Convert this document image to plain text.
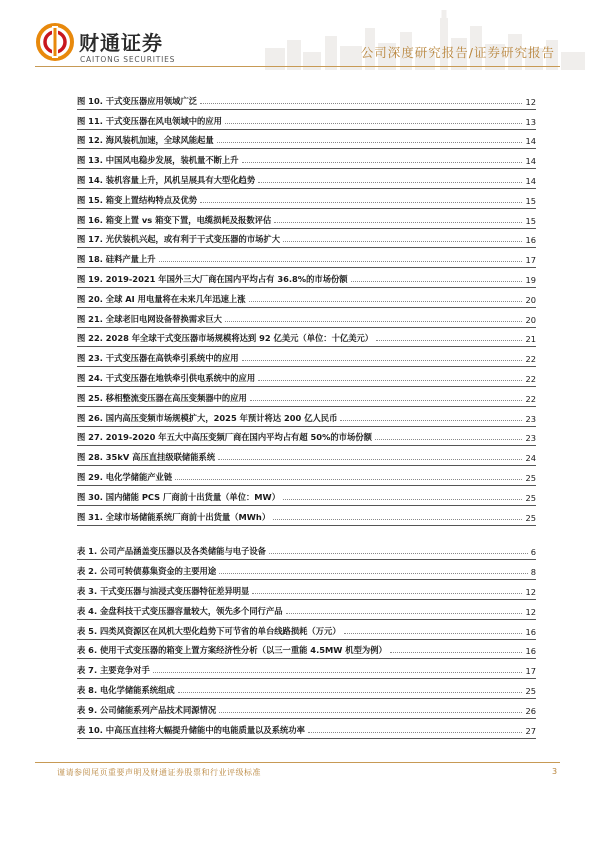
财通证券
CAITONG SECURITIES	公司深度研究报告/证券研究报告
图 10. 干式变压器应用领域广泛	12
图 11. 干式变压器在风电领域中的应用	13
图 12. 海风装机加速，全球风能起量	14
图 13. 中国风电稳步发展，装机量不断上升	14
图 14. 装机容量上升，风机呈展具有大型化趋势	14
图 15. 箱变上置结构特点及优势	15
图 16. 箱变上置 vs 箱变下置，电缆损耗及报数评估	15
图 17. 光伏装机兴起，或有利于干式变压器的市场扩大	16
图 18. 硅料产量上升	17
图 19. 2019-2021 年国外三大厂商在国内平均占有 36.8%的市场份额	19
图 20. 全球 AI 用电量将在未来几年迅速上涨	20
图 21. 全球老旧电网设备替换需求巨大	20
图 22. 2028 年全球干式变压器市场规模将达到 92 亿美元（单位：十亿美元）	21
图 23. 干式变压器在高铁牵引系统中的应用	22
图 24. 干式变压器在地铁牵引供电系统中的应用	22
图 25. 移相整流变压器在高压变频器中的应用	22
图 26. 国内高压变频市场规模扩大，2025 年预计将达 200 亿人民币	23
图 27. 2019-2020 年五大中高压变频厂商在国内平均占有超 50%的市场份额	23
图 28. 35kV 高压直挂级联储能系统	24
图 29. 电化学储能产业链	25
图 30. 国内储能 PCS 厂商前十出货量（单位：MW）	25
图 31. 全球市场储能系统厂商前十出货量（MWh）	25
表 1. 公司产品涵盖变压器以及各类储能与电子设备	6
表 2. 公司可转债募集资金的主要用途	8
表 3. 干式变压器与油浸式变压器特征差异明显	12
表 4. 金盘科技干式变压器容量较大，领先多个同行产品	12
表 5. 四类风资源区在风机大型化趋势下可节省的单台线路损耗（万元）	16
表 6. 使用干式变压器的箱变上置方案经济性分析（以三一重能 4.5MW 机型为例）	16
表 7. 主要竞争对手	17
表 8. 电化学储能系统组成	25
表 9. 公司储能系列产品技术同源情况	26
表 10. 中高压直挂将大幅提升储能中的电能质量以及系统功率	27
谨请参阅尾页重要声明及财通证券股票和行业评级标准	3
